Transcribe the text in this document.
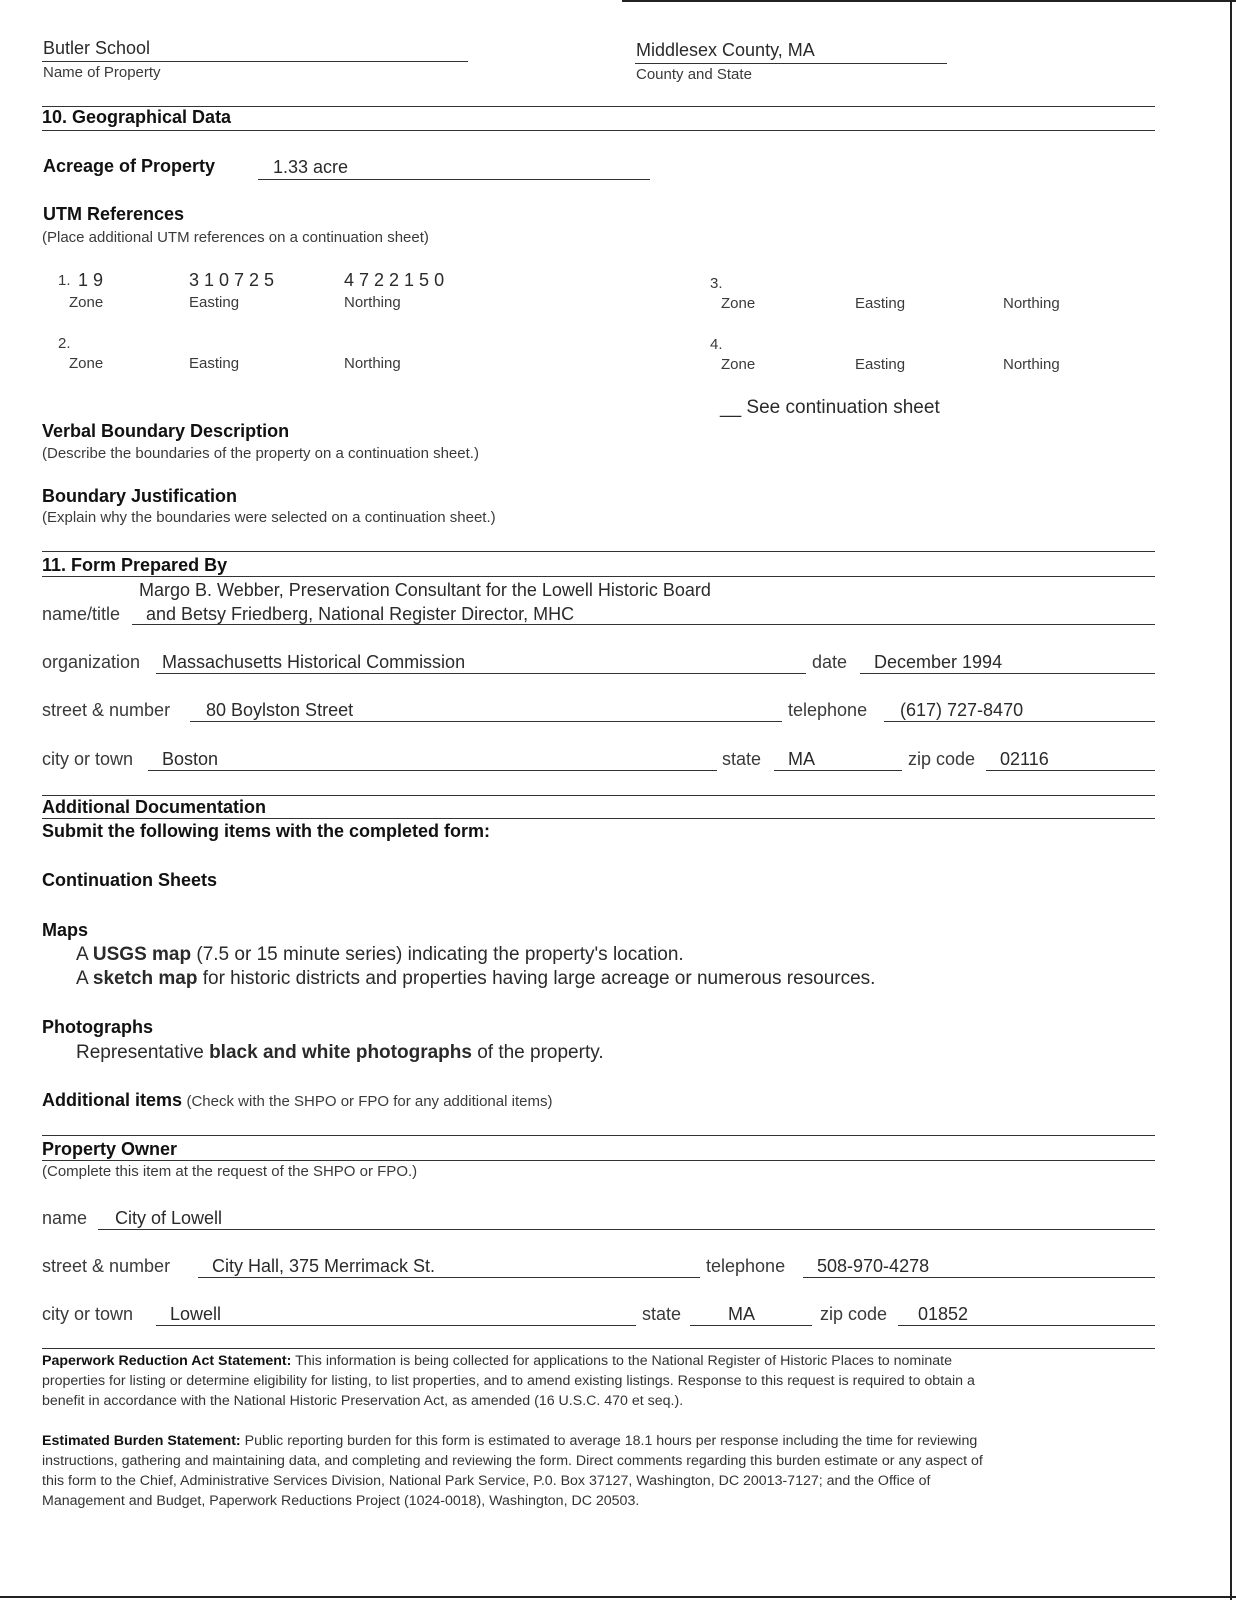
Butler School
Name of Property
Middlesex County, MA
County and State
10. Geographical Data
Acreage of Property	1.33 acre
UTM References
(Place additional UTM references on a continuation sheet)
1. 1 9	3 1 0 7 2 5	4 7 2 2 1 5 0
Zone	Easting	Northing
2.
Zone	Easting	Northing
3.
Zone	Easting	Northing
4.
Zone	Easting	Northing
__ See continuation sheet
Verbal Boundary Description
(Describe the boundaries of the property on a continuation sheet.)
Boundary Justification
(Explain why the boundaries were selected on a continuation sheet.)
11. Form Prepared By
Margo B. Webber, Preservation Consultant for the Lowell Historic Board
name/title and Betsy Friedberg, National Register Director, MHC
organization Massachusetts Historical Commission	date December 1994
street & number 80 Boylston Street	telephone (617) 727-8470
city or town Boston	state MA	zip code 02116
Additional Documentation
Submit the following items with the completed form:
Continuation Sheets
Maps
A USGS map (7.5 or 15 minute series) indicating the property's location.
A sketch map for historic districts and properties having large acreage or numerous resources.
Photographs
Representative black and white photographs of the property.
Additional items (Check with the SHPO or FPO for any additional items)
Property Owner
(Complete this item at the request of the SHPO or FPO.)
name City of Lowell
street & number City Hall, 375 Merrimack St.	telephone 508-970-4278
city or town Lowell	state	MA	zip code 01852
Paperwork Reduction Act Statement: This information is being collected for applications to the National Register of Historic Places to nominate
properties for listing or determine eligibility for listing, to list properties, and to amend existing listings. Response to this request is required to obtain a
benefit in accordance with the National Historic Preservation Act, as amended (16 U.S.C. 470 et seq.).
Estimated Burden Statement: Public reporting burden for this form is estimated to average 18.1 hours per response including the time for reviewing
instructions, gathering and maintaining data, and completing and reviewing the form. Direct comments regarding this burden estimate or any aspect of
this form to the Chief, Administrative Services Division, National Park Service, P.0. Box 37127, Washington, DC 20013-7127; and the Office of
Management and Budget, Paperwork Reductions Project (1024-0018), Washington, DC 20503.
